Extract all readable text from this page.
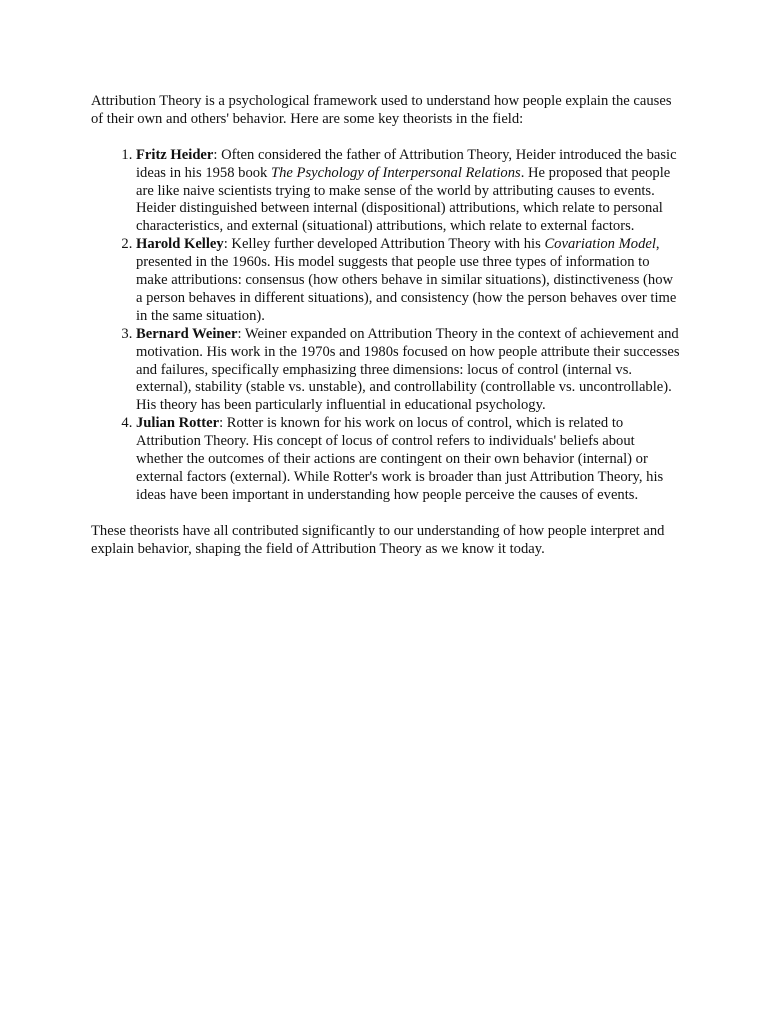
Attribution Theory is a psychological framework used to understand how people explain the causes of their own and others' behavior. Here are some key theorists in the field:

1. Fritz Heider: Often considered the father of Attribution Theory, Heider introduced the basic ideas in his 1958 book The Psychology of Interpersonal Relations. He proposed that people are like naive scientists trying to make sense of the world by attributing causes to events. Heider distinguished between internal (dispositional) attributions, which relate to personal characteristics, and external (situational) attributions, which relate to external factors.
2. Harold Kelley: Kelley further developed Attribution Theory with his Covariation Model, presented in the 1960s. His model suggests that people use three types of information to make attributions: consensus (how others behave in similar situations), distinctiveness (how a person behaves in different situations), and consistency (how the person behaves over time in the same situation).
3. Bernard Weiner: Weiner expanded on Attribution Theory in the context of achievement and motivation. His work in the 1970s and 1980s focused on how people attribute their successes and failures, specifically emphasizing three dimensions: locus of control (internal vs. external), stability (stable vs. unstable), and controllability (controllable vs. uncontrollable). His theory has been particularly influential in educational psychology.
4. Julian Rotter: Rotter is known for his work on locus of control, which is related to Attribution Theory. His concept of locus of control refers to individuals' beliefs about whether the outcomes of their actions are contingent on their own behavior (internal) or external factors (external). While Rotter's work is broader than just Attribution Theory, his ideas have been important in understanding how people perceive the causes of events.

These theorists have all contributed significantly to our understanding of how people interpret and explain behavior, shaping the field of Attribution Theory as we know it today.
